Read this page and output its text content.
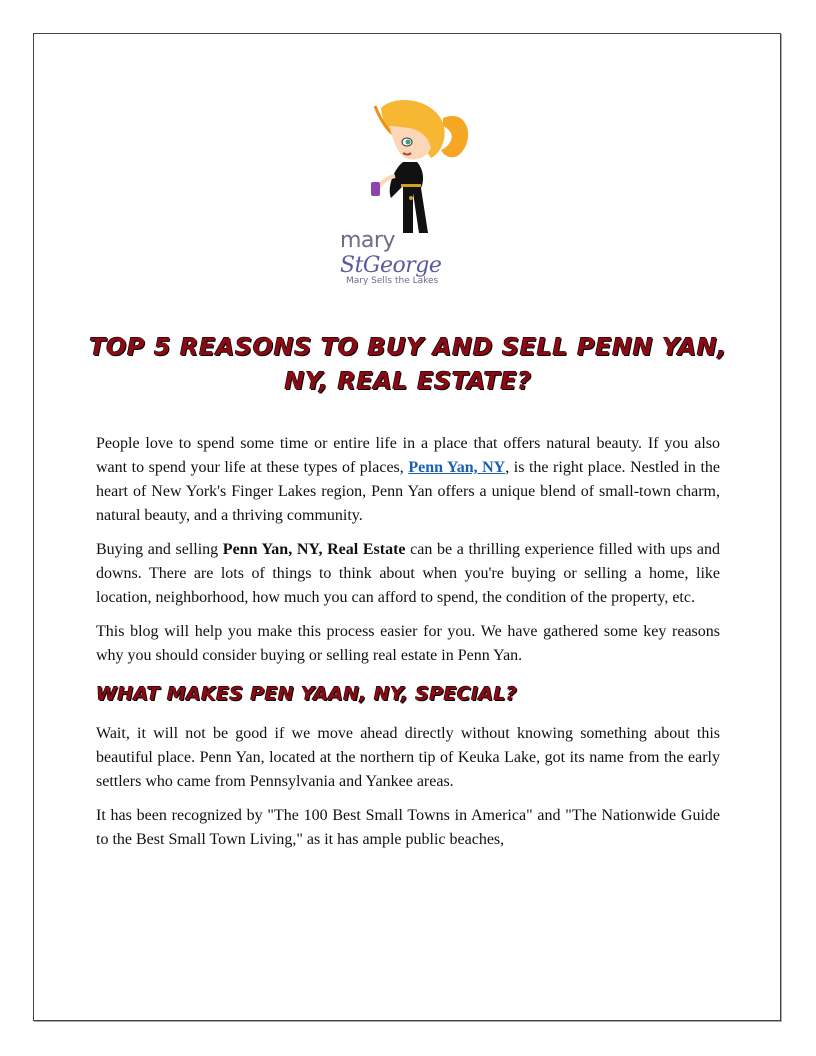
mary StGeorge
Mary Sells the Lakes
TOP 5 REASONS TO BUY AND SELL PENN YAN, NY, REAL ESTATE?

People love to spend some time or entire life in a place that offers natural beauty. If you also want to spend your life at these types of places, Penn Yan, NY, is the right place. Nestled in the heart of New York's Finger Lakes region, Penn Yan offers a unique blend of small-town charm, natural beauty, and a thriving community.

Buying and selling Penn Yan, NY, Real Estate can be a thrilling experience filled with ups and downs. There are lots of things to think about when you're buying or selling a home, like location, neighborhood, how much you can afford to spend, the condition of the property, etc.

This blog will help you make this process easier for you. We have gathered some key reasons why you should consider buying or selling real estate in Penn Yan.

WHAT MAKES PEN YAAN, NY, SPECIAL?

Wait, it will not be good if we move ahead directly without knowing something about this beautiful place. Penn Yan, located at the northern tip of Keuka Lake, got its name from the early settlers who came from Pennsylvania and Yankee areas.

It has been recognized by "The 100 Best Small Towns in America" and "The Nationwide Guide to the Best Small Town Living," as it has ample public beaches,
